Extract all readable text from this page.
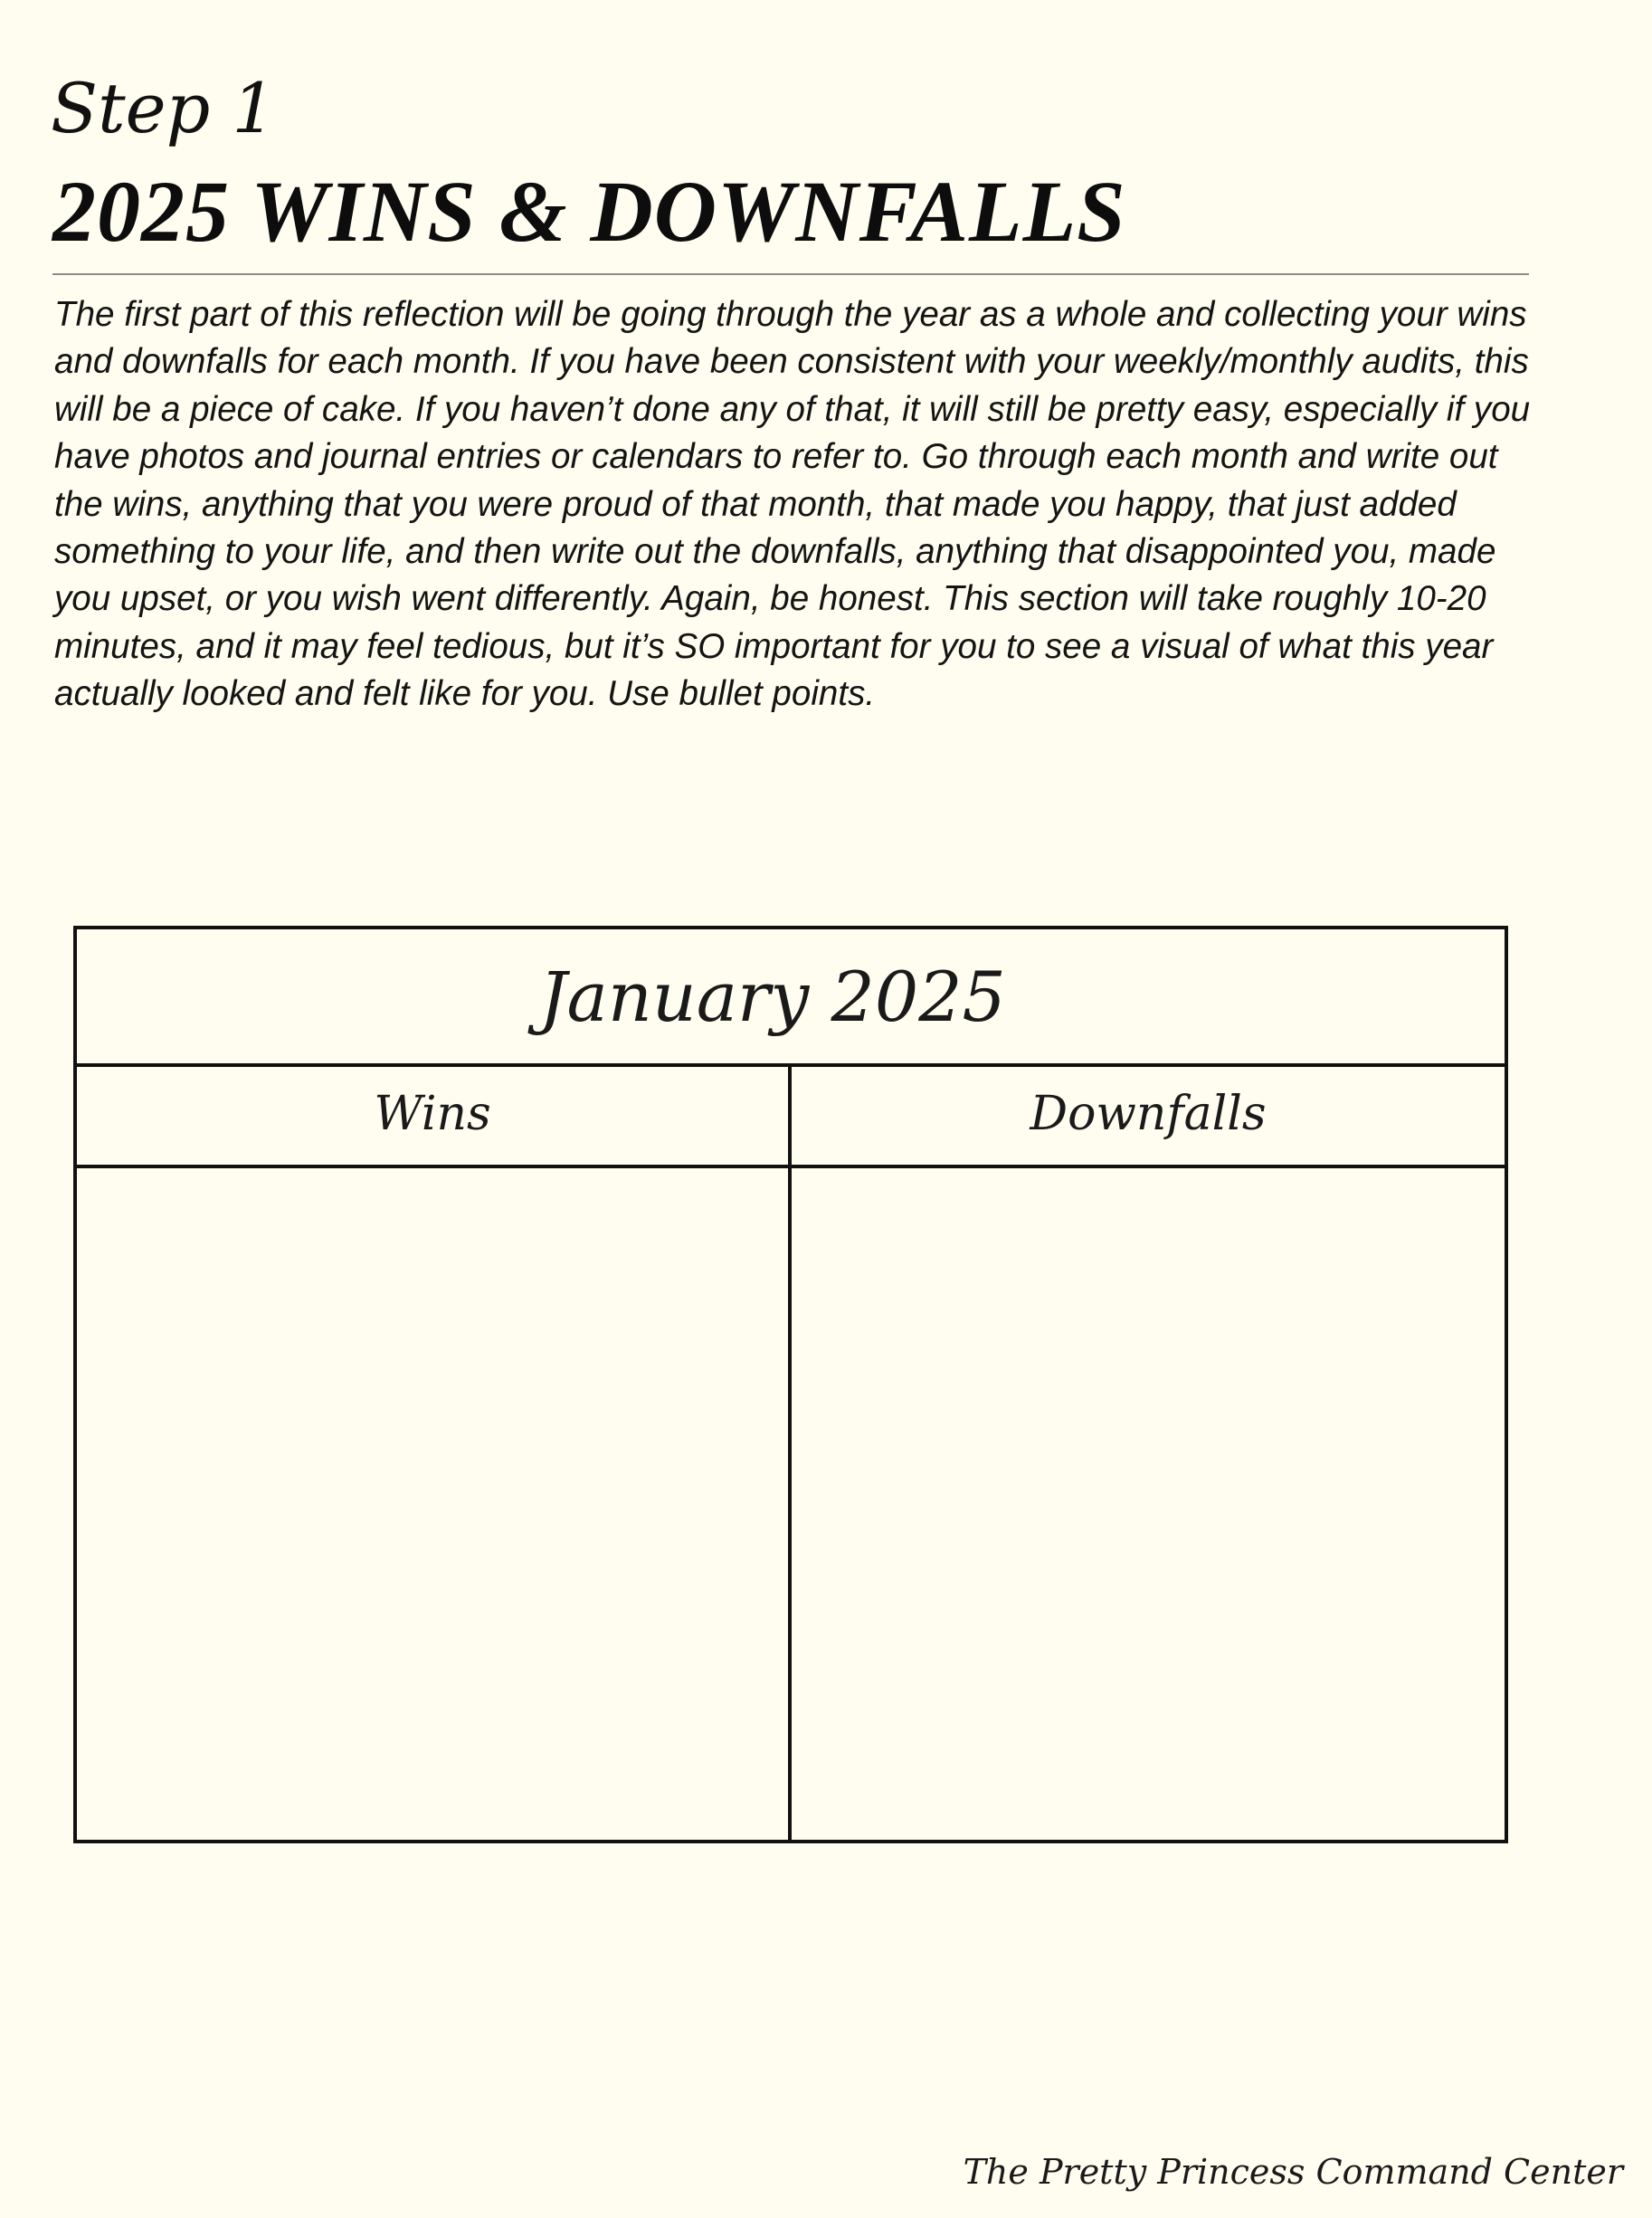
Step 1
2025 WINS & DOWNFALLS
The first part of this reflection will be going through the year as a whole and collecting your wins and downfalls for each month. If you have been consistent with your weekly/monthly audits, this will be a piece of cake. If you haven’t done any of that, it will still be pretty easy, especially if you have photos and journal entries or calendars to refer to. Go through each month and write out the wins, anything that you were proud of that month, that made you happy, that just added something to your life, and then write out the downfalls, anything that disappointed you, made you upset, or you wish went differently. Again, be honest. This section will take roughly 10-20 minutes, and it may feel tedious, but it’s SO important for you to see a visual of what this year actually looked and felt like for you. Use bullet points.
January 2025
Wins	Downfalls
The Pretty Princess Command Center
